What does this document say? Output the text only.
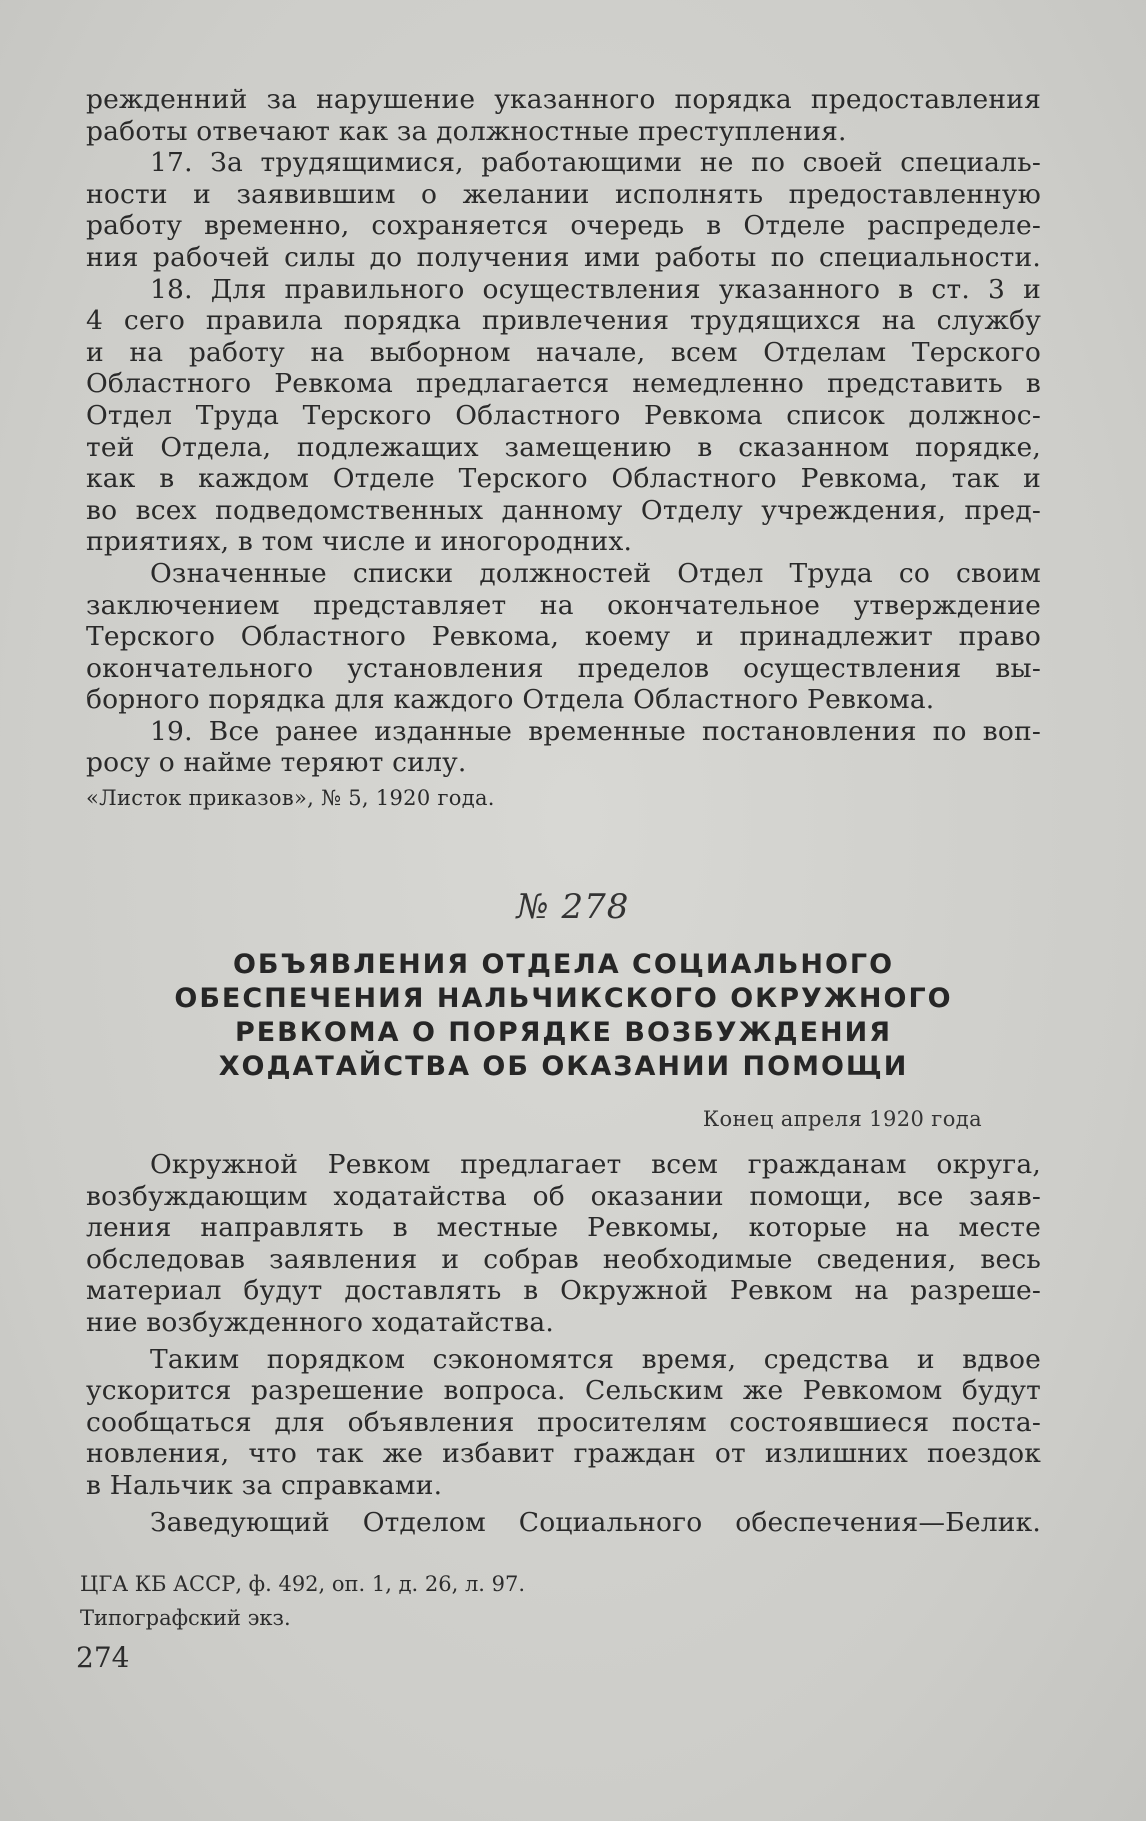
режденний за нарушение указанного порядка предоставления
работы отвечают как за должностные преступления.
17. За трудящимися, работающими не по своей специаль-
ности и заявившим о желании исполнять предоставленную
работу временно, сохраняется очередь в Отделе распределе-
ния рабочей силы до получения ими работы по специальности.
18. Для правильного осуществления указанного в ст. 3 и
4 сего правила порядка привлечения трудящихся на службу
и на работу на выборном начале, всем Отделам Терского
Областного Ревкома предлагается немедленно представить в
Отдел Труда Терского Областного Ревкома список должнос-
тей Отдела, подлежащих замещению в сказанном порядке,
как в каждом Отделе Терского Областного Ревкома, так и
во всех подведомственных данному Отделу учреждения, пред-
приятиях, в том числе и иногородних.
Означенные списки должностей Отдел Труда со своим
заключением представляет на окончательное утверждение
Терского Областного Ревкома, коему и принадлежит право
окончательного установления пределов осуществления вы-
борного порядка для каждого Отдела Областного Ревкома.
19. Все ранее изданные временные постановления по воп-
росу о найме теряют силу.
«Листок приказов», № 5, 1920 года.
№ 278
ОБЪЯВЛЕНИЯ ОТДЕЛА СОЦИАЛЬНОГО
ОБЕСПЕЧЕНИЯ НАЛЬЧИКСКОГО ОКРУЖНОГО
РЕВКОМА О ПОРЯДКЕ ВОЗБУЖДЕНИЯ
ХОДАТАЙСТВА ОБ ОКАЗАНИИ ПОМОЩИ
Конец апреля 1920 года
Окружной Ревком предлагает всем гражданам округа,
возбуждающим ходатайства об оказании помощи, все заяв-
ления направлять в местные Ревкомы, которые на месте
обследовав заявления и собрав необходимые сведения, весь
материал будут доставлять в Окружной Ревком на разреше-
ние возбужденного ходатайства.
Таким порядком сэкономятся время, средства и вдвое
ускорится разрешение вопроса. Сельским же Ревкомом будут
сообщаться для объявления просителям состоявшиеся поста-
новления, что так же избавит граждан от излишних поездок
в Нальчик за справками.
Заведующий Отделом Социального обеспечения—Белик.
ЦГА КБ АССР, ф. 492, оп. 1, д. 26, л. 97.
Типографский экз.
274
